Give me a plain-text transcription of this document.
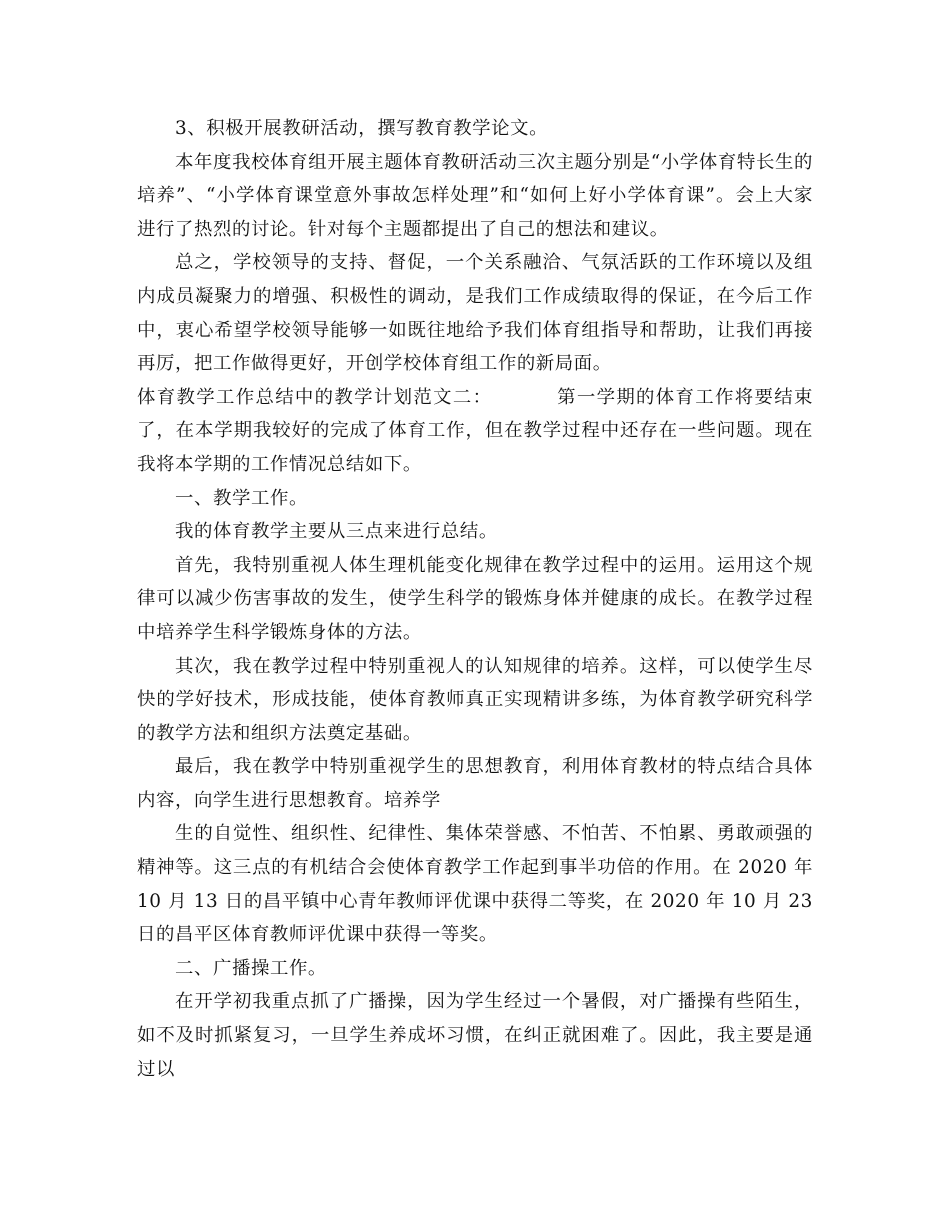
3、积极开展教研活动，撰写教育教学论文。

本年度我校体育组开展主题体育教研活动三次主题分别是“小学体育特长生的培养”、“小学体育课堂意外事故怎样处理”和“如何上好小学体育课”。会上大家进行了热烈的讨论。针对每个主题都提出了自己的想法和建议。

总之，学校领导的支持、督促，一个关系融洽、气氛活跃的工作环境以及组内成员凝聚力的增强、积极性的调动，是我们工作成绩取得的保证，在今后工作中，衷心希望学校领导能够一如既往地给予我们体育组指导和帮助，让我们再接再厉，把工作做得更好，开创学校体育组工作的新局面。

体育教学工作总结中的教学计划范文二：	第一学期的体育工作将要结束了，在本学期我较好的完成了体育工作，但在教学过程中还存在一些问题。现在我将本学期的工作情况总结如下。

一、教学工作。

我的体育教学主要从三点来进行总结。

首先，我特别重视人体生理机能变化规律在教学过程中的运用。运用这个规律可以减少伤害事故的发生，使学生科学的锻炼身体并健康的成长。在教学过程中培养学生科学锻炼身体的方法。

其次，我在教学过程中特别重视人的认知规律的培养。这样，可以使学生尽快的学好技术，形成技能，使体育教师真正实现精讲多练，为体育教学研究科学的教学方法和组织方法奠定基础。

最后，我在教学中特别重视学生的思想教育，利用体育教材的特点结合具体内容，向学生进行思想教育。培养学

生的自觉性、组织性、纪律性、集体荣誉感、不怕苦、不怕累、勇敢顽强的精神等。这三点的有机结合会使体育教学工作起到事半功倍的作用。在 2020 年 10 月 13 日的昌平镇中心青年教师评优课中获得二等奖，在 2020 年 10 月 23 日的昌平区体育教师评优课中获得一等奖。

二、广播操工作。

在开学初我重点抓了广播操，因为学生经过一个暑假，对广播操有些陌生，如不及时抓紧复习，一旦学生养成坏习惯，在纠正就困难了。因此，我主要是通过以
